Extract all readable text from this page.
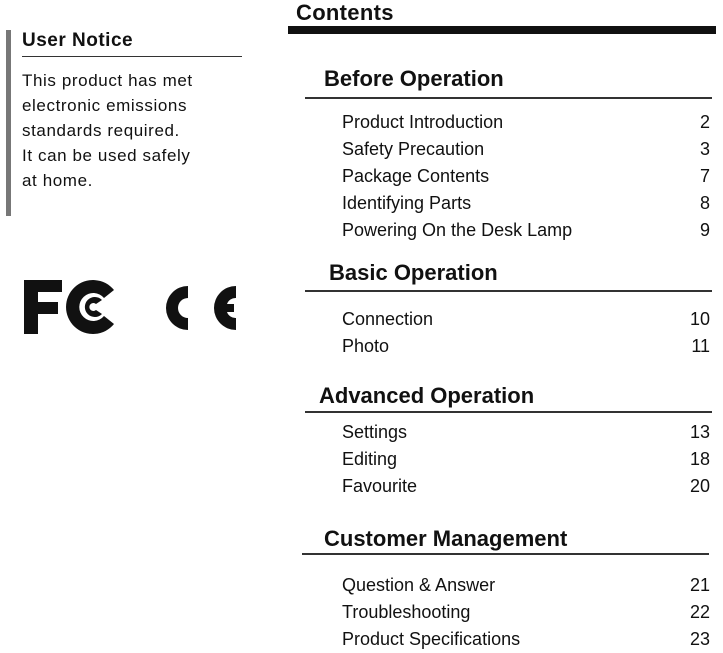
User Notice
This product has met
electronic emissions
standards required.
It can be used safely
at home.
Contents
Before Operation
Product Introduction	2
Safety Precaution	3
Package Contents	7
Identifying Parts	8
Powering On the Desk Lamp	9
Basic Operation
Connection	10
Photo	11
Advanced Operation
Settings	13
Editing	18
Favourite	20
Customer Management
Question & Answer	21
Troubleshooting	22
Product Specifications	23
